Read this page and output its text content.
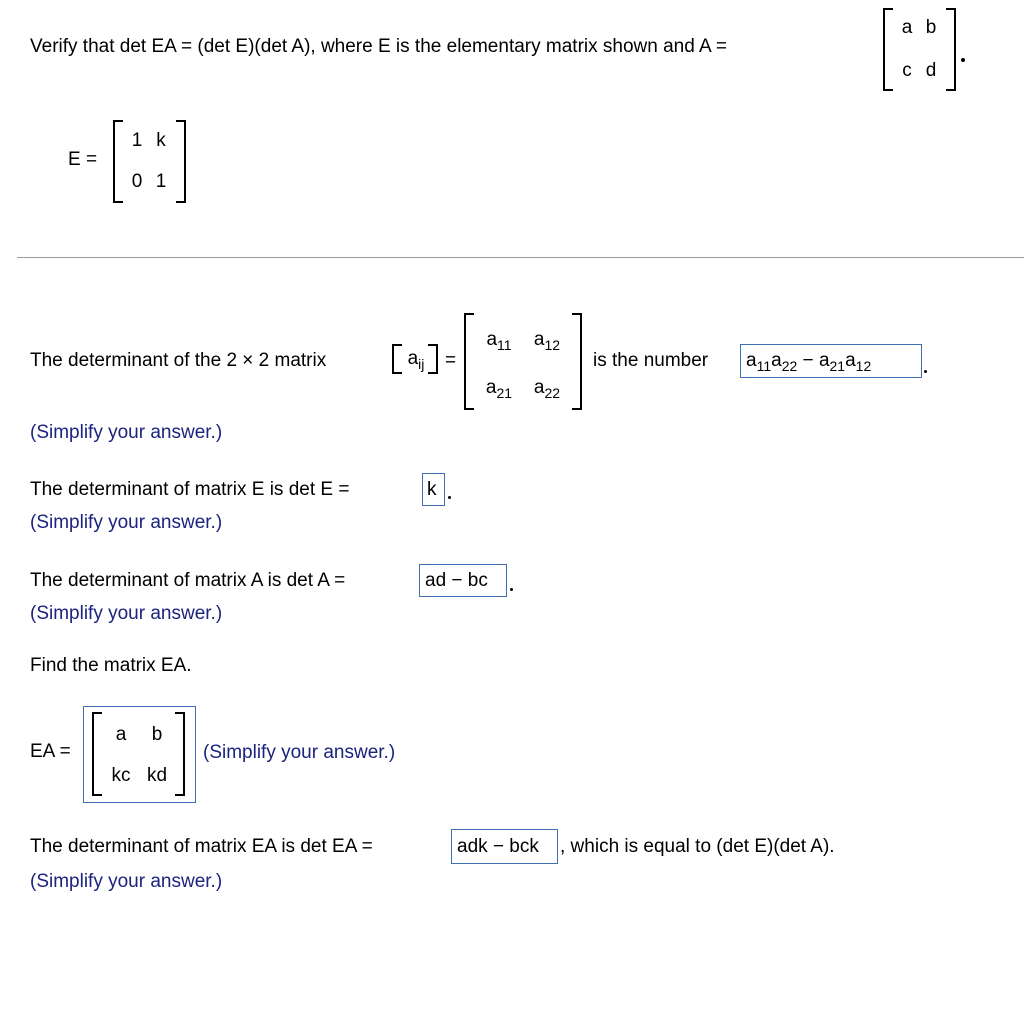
Verify that det EA = (det E)(det A), where E is the elementary matrix shown and A =
a b
c d
E =
1 k
0 1
The determinant of the 2 × 2 matrix	$a_{ij}$ =
$a_{11}$	$a_{12}$
$a_{21}$	$a_{22}$
is the number $a_{11}a_{22} - a_{21}a_{12}$
(Simplify your answer.)
The determinant of matrix E is det E =	k
(Simplify your answer.)
The determinant of matrix A is det A =	ad − bc
(Simplify your answer.)
Find the matrix EA.
EA =
a	b
kc kd
(Simplify your answer.)
The determinant of matrix EA is det EA =	adk − bck , which is equal to (det E)(det A).
(Simplify your answer.)
